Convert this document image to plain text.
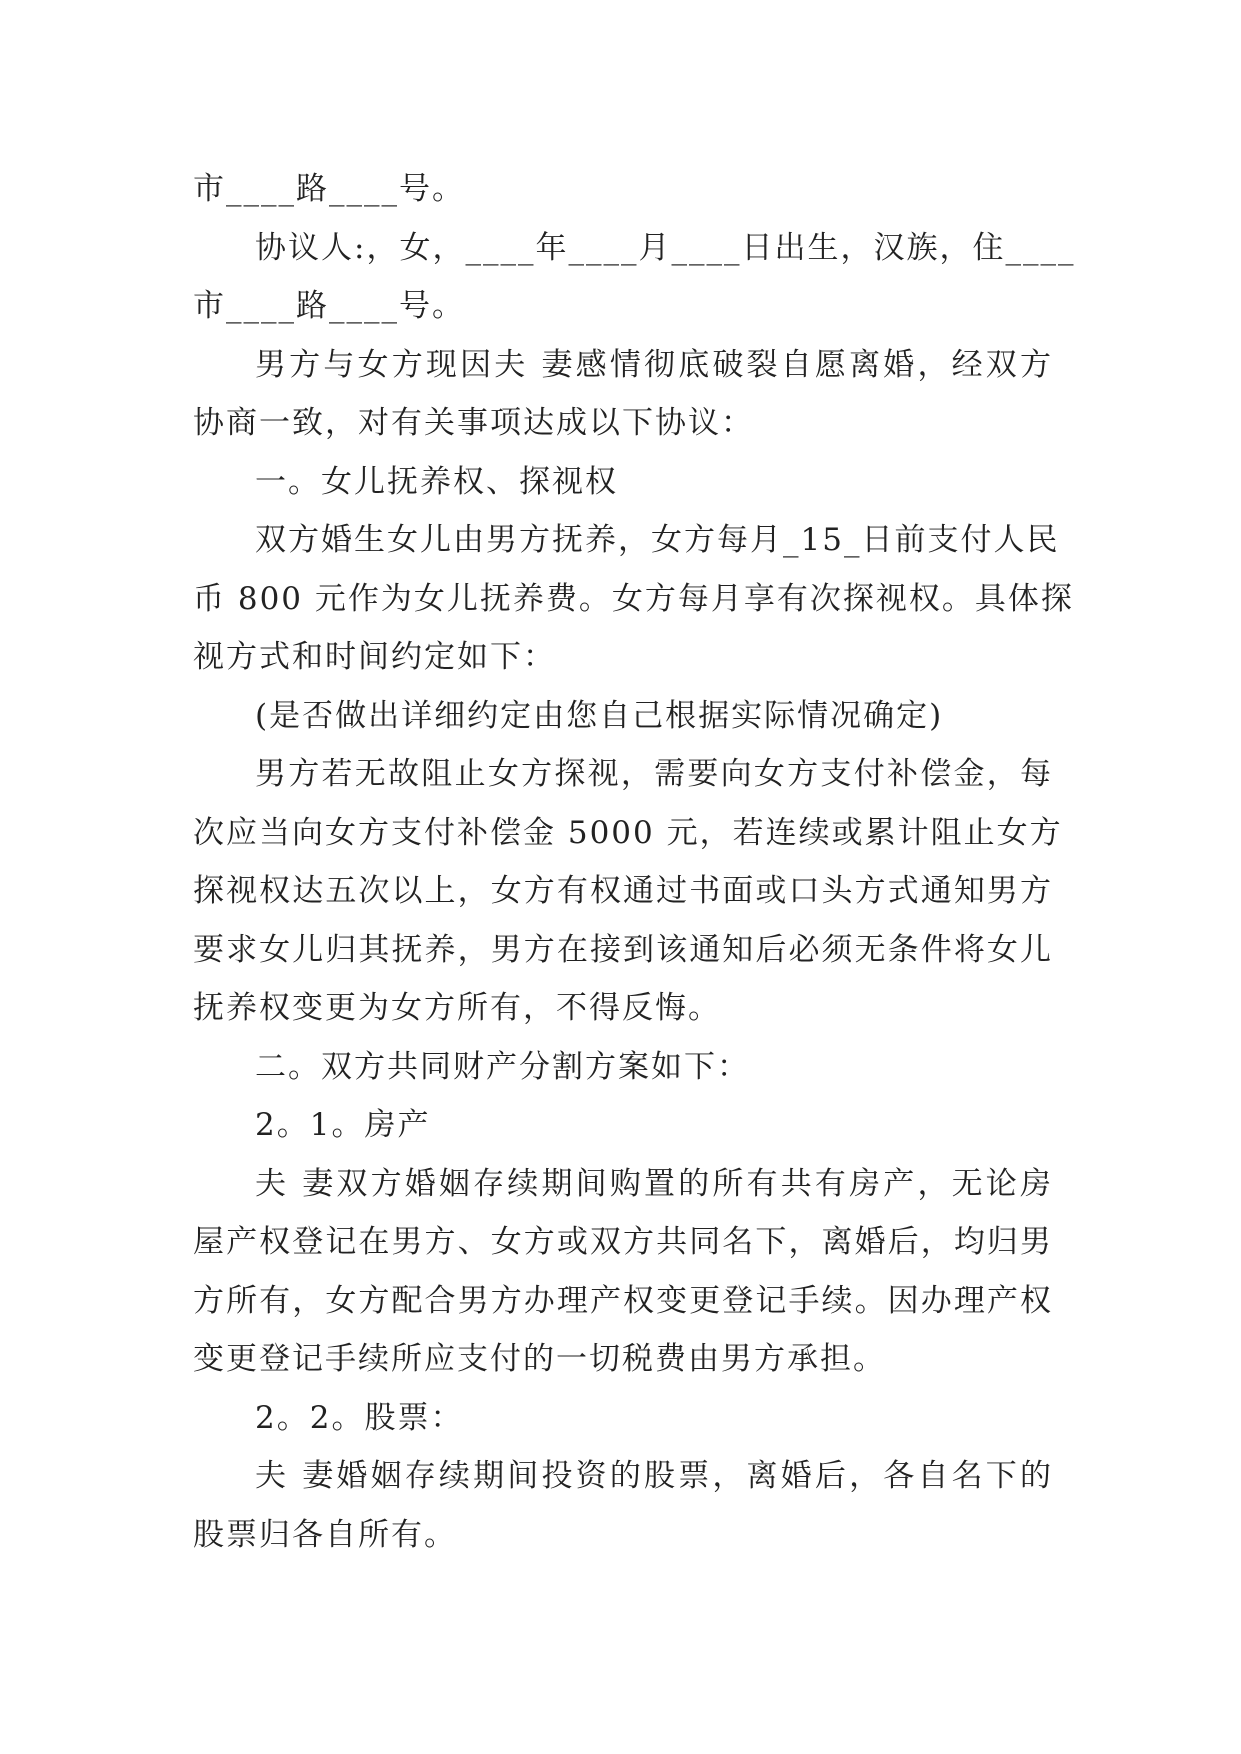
市____路____号。
协议人:，女，____年____月____日出生，汉族，住____
市____路____号。
男方与女方现因夫 妻感情彻底破裂自愿离婚，经双方
协商一致，对有关事项达成以下协议：
一。女儿抚养权、探视权
双方婚生女儿由男方抚养，女方每月_15_日前支付人民
币 800 元作为女儿抚养费。女方每月享有次探视权。具体探
视方式和时间约定如下：
(是否做出详细约定由您自己根据实际情况确定)
男方若无故阻止女方探视，需要向女方支付补偿金，每
次应当向女方支付补偿金 5000 元，若连续或累计阻止女方
探视权达五次以上，女方有权通过书面或口头方式通知男方
要求女儿归其抚养，男方在接到该通知后必须无条件将女儿
抚养权变更为女方所有，不得反悔。
二。双方共同财产分割方案如下：
2。1。房产
夫 妻双方婚姻存续期间购置的所有共有房产，无论房
屋产权登记在男方、女方或双方共同名下，离婚后，均归男
方所有，女方配合男方办理产权变更登记手续。因办理产权
变更登记手续所应支付的一切税费由男方承担。
2。2。股票：
夫 妻婚姻存续期间投资的股票，离婚后，各自名下的
股票归各自所有。
